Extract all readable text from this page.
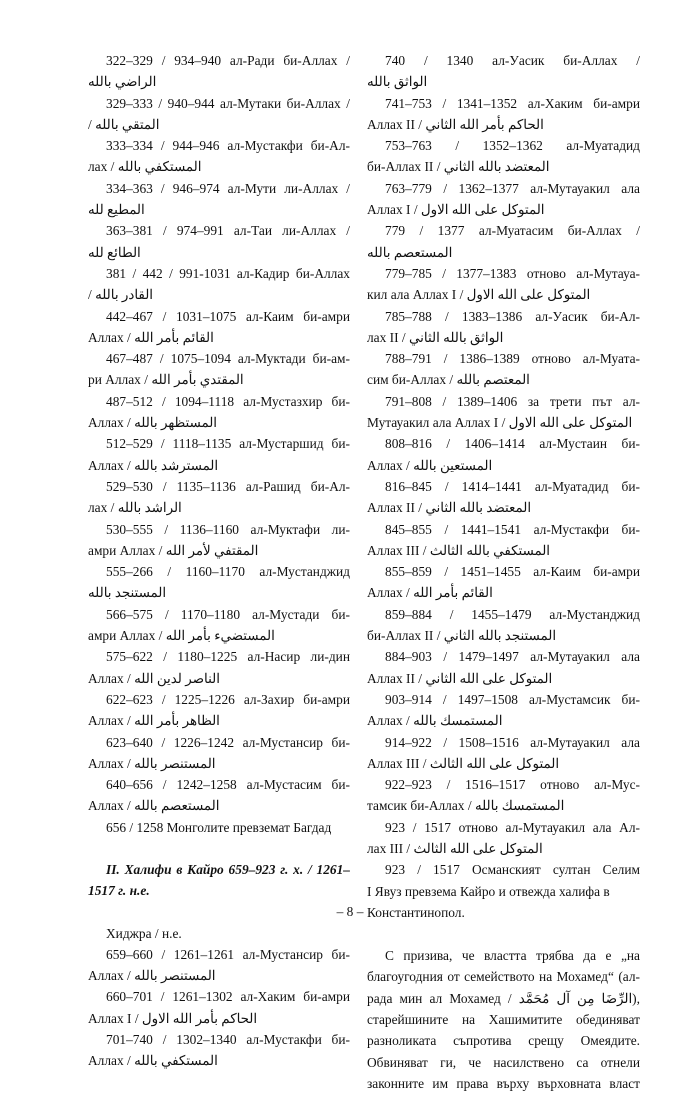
322–329 / 934–940 ал-Ради би-Аллах /

الراضي بالله

329–333 / 940–944 ал-Мутаки би-Аллах /

المتقي بالله /

333–334 / 944–946 ал-Мустакфи би-Ал-

лах / المستكفي بالله

334–363 / 946–974 ал-Мути ли-Аллах /

المطيع لله

363–381 / 974–991 ал-Таи ли-Аллах /

الطائع لله

381 / 442 / 991-1031 ал-Кадир би-Аллах

القادر بالله /

442–467 / 1031–1075 ал-Каим би-амри

Аллах / القائم بأمر الله

467–487 / 1075–1094 ал-Муктади би-ам-

ри Аллах / المقتدي بأمر الله

487–512 / 1094–1118 ал-Мустазхир би-

Аллах / المستظهر بالله

512–529 / 1118–1135 ал-Мустаршид би-

Аллах / المسترشد بالله

529–530 / 1135–1136 ал-Рашид би-Ал-

лах / الراشد بالله

530–555 / 1136–1160 ал-Муктафи ли-

амри Аллах / المقتفي لأمر الله

555–266 / 1160–1170 ал-Мустанджид

المستنجد بالله

566–575 / 1170–1180 ал-Мустади би-

амри Аллах / المستضيء بأمر الله

575–622 / 1180–1225 ал-Насир ли-дин

Аллах / الناصر لدين الله

622–623 / 1225–1226 ал-Захир би-амри

Аллах / الظاهر بأمر الله

623–640 / 1226–1242 ал-Мустансир би-

Аллах / المستنصر بالله

640–656 / 1242–1258 ал-Мустасим би-

Аллах / المستعصم بالله

656 / 1258 Монголите превземат Багдад

II. Халифи в Кайро 659–923 г. х. / 1261–1517 г. н.е.

Хиджра / н.е.

659–660 / 1261–1261 ал-Мустансир би-

Аллах / المستنصر بالله

660–701 / 1261–1302 ал-Хаким би-амри

Аллах I / الحاكم بأمر الله الاول

701–740 / 1302–1340 ал-Мустакфи би-

Аллах / المستكفي بالله

740 / 1340 ал-Уасик би-Аллах /

الواثق بالله

741–753 / 1341–1352 ал-Хаким би-амри

Аллах II / الحاكم بأمر الله الثاني

753–763 / 1352–1362 ал-Муатадид

би-Аллах II / المعتضد بالله الثاني

763–779 / 1362–1377 ал-Мутауакил ала

Аллах I / المتوكل على الله الاول

779 / 1377 ал-Муатасим би-Аллах /

المستعصم بالله

779–785 / 1377–1383 отново ал-Мутауа-

кил ала Аллах I / المتوكل على الله الاول

785–788 / 1383–1386 ал-Уасик би-Ал-

лах II / الواثق بالله الثاني

788–791 / 1386–1389 отново ал-Муата-

сим би-Аллах / المعتصم بالله

791–808 / 1389–1406 за трети път ал-

Мутауакил ала Аллах I / المتوكل على الله الاول

808–816 / 1406–1414 ал-Мустаин би-

Аллах / المستعين بالله

816–845 / 1414–1441 ал-Муатадид би-

Аллах II / المعتضد بالله الثاني

845–855 / 1441–1541 ал-Мустакфи би-

Аллах III / المستكفي بالله الثالث

855–859 / 1451–1455 ал-Каим би-амри

Аллах / القائم بأمر الله

859–884 / 1455–1479 ал-Мустанджид

би-Аллах II / المستنجد بالله الثاني

884–903 / 1479–1497 ал-Мутауакил ала

Аллах II / المتوكل على الله الثاني

903–914 / 1497–1508 ал-Мустамсик би-

Аллах / المستمسك بالله

914–922 / 1508–1516 ал-Мутауакил ала

Аллах III / المتوكل على الله الثالث

922–923 / 1516–1517 отново ал-Мус-

тамсик би-Аллах / المستمسك بالله

923 / 1517 отново ал-Мутауакил ала Ал-

лах III / المتوكل على الله الثالث

923 / 1517 Османският султан Селим

I Явуз превзема Кайро и отвежда халифа в Константинопол.

С призива, че властта трябва да е „на благоугодния от семейството на Мохамед“ (ал-рада мин ал Мохамед / الرِّضَا مِن آل مُحَمَّد), старейшините на Хашимитите обединяват разноликата съпротива срещу Омеядите. Обвиняват ги, че насилствено са отнели законните им права върху върховната власт

– 8 –
